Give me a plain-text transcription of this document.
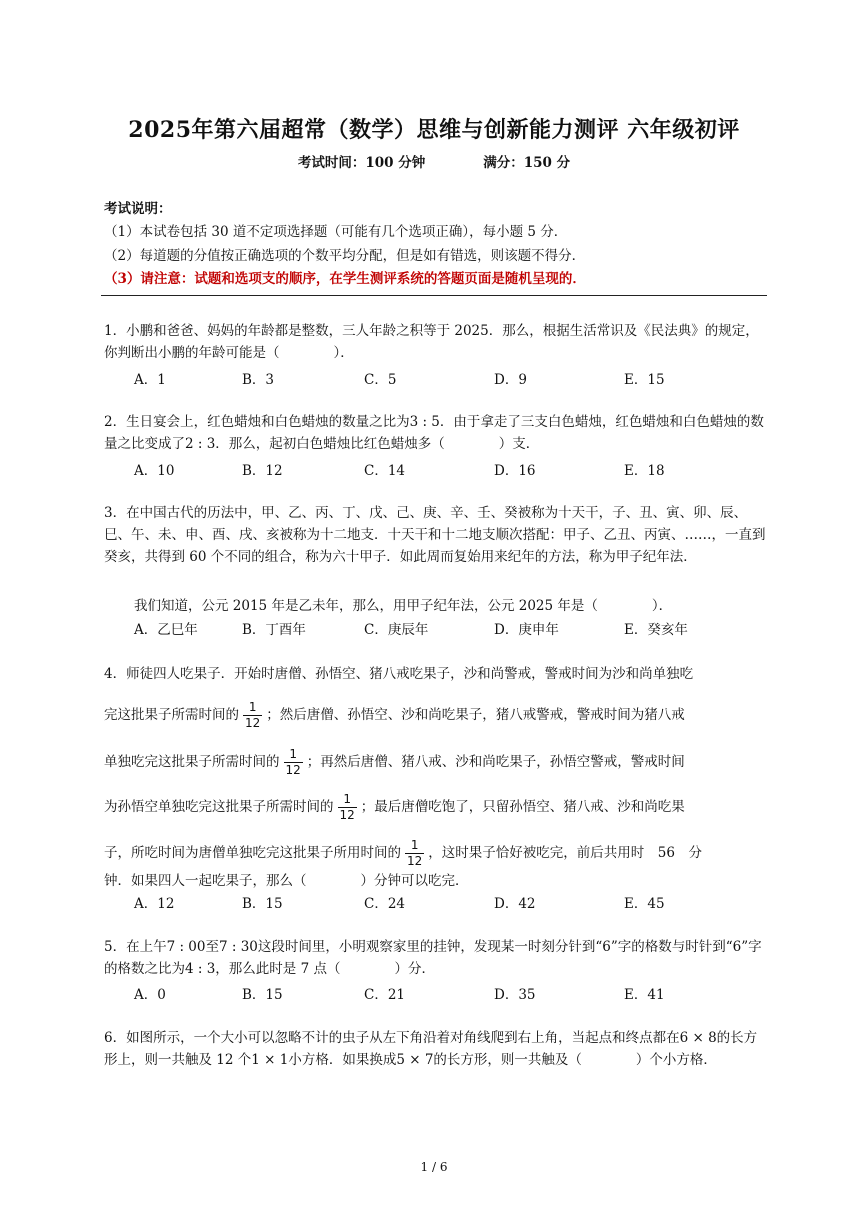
2025年第六届超常（数学）思维与创新能力测评 六年级初评
考试时间：100 分钟	满分：150 分
考试说明：
（1）本试卷包括 30 道不定项选择题（可能有几个选项正确），每小题 5 分．
（2）每道题的分值按正确选项的个数平均分配，但是如有错选，则该题不得分．
（3）请注意：试题和选项支的顺序，在学生测评系统的答题页面是随机呈现的．
1．小鹏和爸爸、妈妈的年龄都是整数，三人年龄之积等于 2025．那么，根据生活常识及《民法典》的规定，你判断出小鹏的年龄可能是（　　　　）．
A．1	B．3	C．5	D．9	E．15
2．生日宴会上，红色蜡烛和白色蜡烛的数量之比为3 : 5．由于拿走了三支白色蜡烛，红色蜡烛和白色蜡烛的数量之比变成了2 : 3．那么，起初白色蜡烛比红色蜡烛多（　　　　）支．
A．10	B．12	C．14	D．16	E．18
3．在中国古代的历法中，甲、乙、丙、丁、戊、己、庚、辛、壬、癸被称为十天干，子、丑、寅、卯、辰、巳、午、未、申、酉、戌、亥被称为十二地支．十天干和十二地支顺次搭配：甲子、乙丑、丙寅、……，一直到癸亥，共得到 60 个不同的组合，称为六十甲子．如此周而复始用来纪年的方法，称为甲子纪年法．
我们知道，公元 2015 年是乙未年，那么，用甲子纪年法，公元 2025 年是（　　　　）．
A．乙巳年	B．丁酉年	C．庚辰年	D．庚申年	E．癸亥年
4．师徒四人吃果子．开始时唐僧、孙悟空、猪八戒吃果子，沙和尚警戒，警戒时间为沙和尚单独吃
完这批果子所需时间的 $\frac{1}{12}$ ；然后唐僧、孙悟空、沙和尚吃果子，猪八戒警戒，警戒时间为猪八戒
单独吃完这批果子所需时间的 $\frac{1}{12}$ ；再然后唐僧、猪八戒、沙和尚吃果子，孙悟空警戒，警戒时间
为孙悟空单独吃完这批果子所需时间的 $\frac{1}{12}$ ；最后唐僧吃饱了，只留孙悟空、猪八戒、沙和尚吃果
子，所吃时间为唐僧单独吃完这批果子所用时间的 $\frac{1}{12}$ ，这时果子恰好被吃完，前后共用时　56　分
钟．如果四人一起吃果子，那么（　　　　）分钟可以吃完．
A．12	B．15	C．24	D．42	E．45
5．在上午7 : 00至7 : 30这段时间里，小明观察家里的挂钟，发现某一时刻分针到“6”字的格数与时针到“6”字的格数之比为4 : 3，那么此时是 7 点（　　　　）分．
A．0	B．15	C．21	D．35	E．41
6．如图所示，一个大小可以忽略不计的虫子从左下角沿着对角线爬到右上角，当起点和终点都在6 × 8的长方形上，则一共触及 12 个1 × 1小方格．如果换成5 × 7的长方形，则一共触及（　　　　）个小方格．
1 / 6
